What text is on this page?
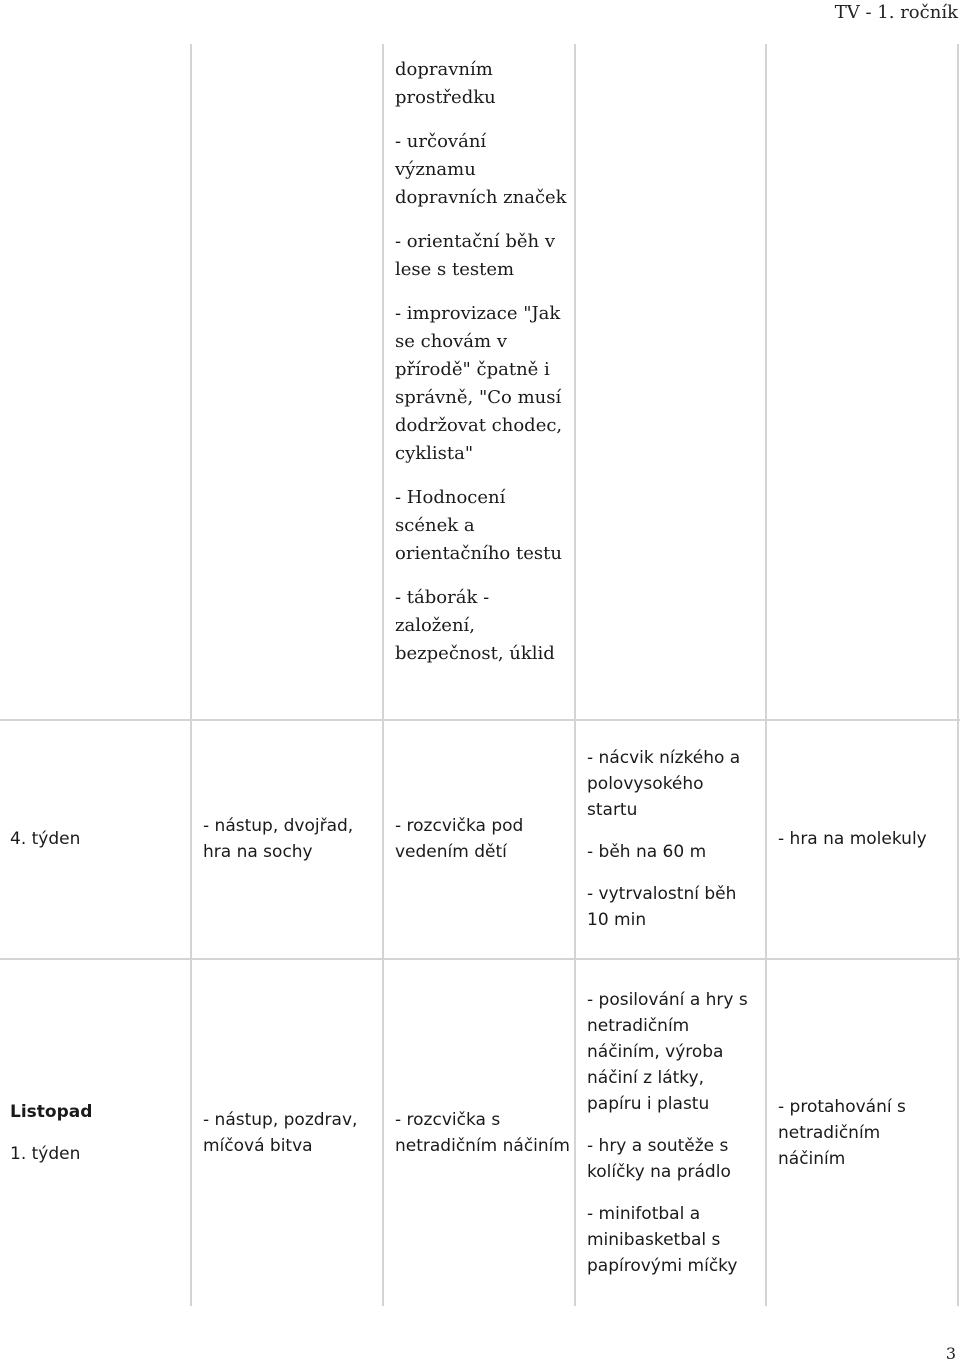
TV - 1. ročník

dopravním prostředku

- určování významu dopravních značek

- orientační běh v lese s testem

- improvizace "Jak se chovám v přírodě" čpatně i správně, "Co musí dodržovat chodec, cyklista"

- Hodnocení scének a orientačního testu

- táborák - založení, bezpečnost, úklid

4. týden
- nástup, dvojřad, hra na sochy
- rozcvička pod vedením dětí

- nácvik nízkého a polovysokého startu

- běh na 60 m

- vytrvalostní běh 10 min

- hra na molekuly

Listopad

1. týden

- nástup, pozdrav, míčová bitva
- rozcvička s netradičním náčiním

- posilování a hry s netradičním náčiním, výroba náčiní z látky, papíru i plastu

- hry a soutěže s kolíčky na prádlo

- minifotbal a minibasketbal s papírovými míčky

- protahování s netradičním náčiním
3
